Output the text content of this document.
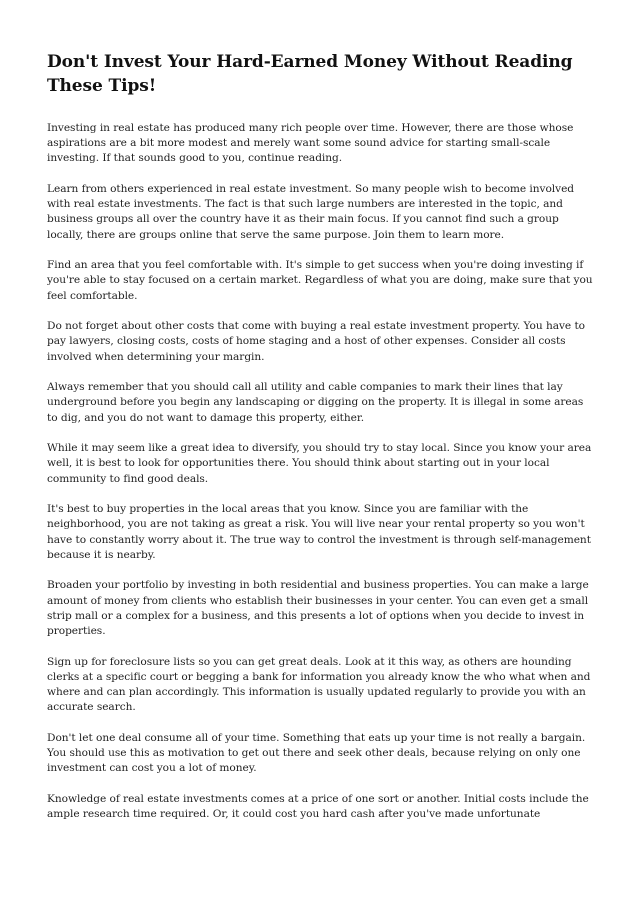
Don't Invest Your Hard-Earned Money Without Reading These Tips!

Investing in real estate has produced many rich people over time. However, there are those whose aspirations are a bit more modest and merely want some sound advice for starting small-scale investing. If that sounds good to you, continue reading.

Learn from others experienced in real estate investment. So many people wish to become involved with real estate investments. The fact is that such large numbers are interested in the topic, and business groups all over the country have it as their main focus. If you cannot find such a group locally, there are groups online that serve the same purpose. Join them to learn more.

Find an area that you feel comfortable with. It's simple to get success when you're doing investing if you're able to stay focused on a certain market. Regardless of what you are doing, make sure that you feel comfortable.

Do not forget about other costs that come with buying a real estate investment property. You have to pay lawyers, closing costs, costs of home staging and a host of other expenses. Consider all costs involved when determining your margin.

Always remember that you should call all utility and cable companies to mark their lines that lay underground before you begin any landscaping or digging on the property. It is illegal in some areas to dig, and you do not want to damage this property, either.

While it may seem like a great idea to diversify, you should try to stay local. Since you know your area well, it is best to look for opportunities there. You should think about starting out in your local community to find good deals.

It's best to buy properties in the local areas that you know. Since you are familiar with the neighborhood, you are not taking as great a risk. You will live near your rental property so you won't have to constantly worry about it. The true way to control the investment is through self-management because it is nearby.

Broaden your portfolio by investing in both residential and business properties. You can make a large amount of money from clients who establish their businesses in your center. You can even get a small strip mall or a complex for a business, and this presents a lot of options when you decide to invest in properties.

Sign up for foreclosure lists so you can get great deals. Look at it this way, as others are hounding clerks at a specific court or begging a bank for information you already know the who what when and where and can plan accordingly. This information is usually updated regularly to provide you with an accurate search.

Don't let one deal consume all of your time. Something that eats up your time is not really a bargain. You should use this as motivation to get out there and seek other deals, because relying on only one investment can cost you a lot of money.

Knowledge of real estate investments comes at a price of one sort or another. Initial costs include the ample research time required. Or, it could cost you hard cash after you've made unfortunate
